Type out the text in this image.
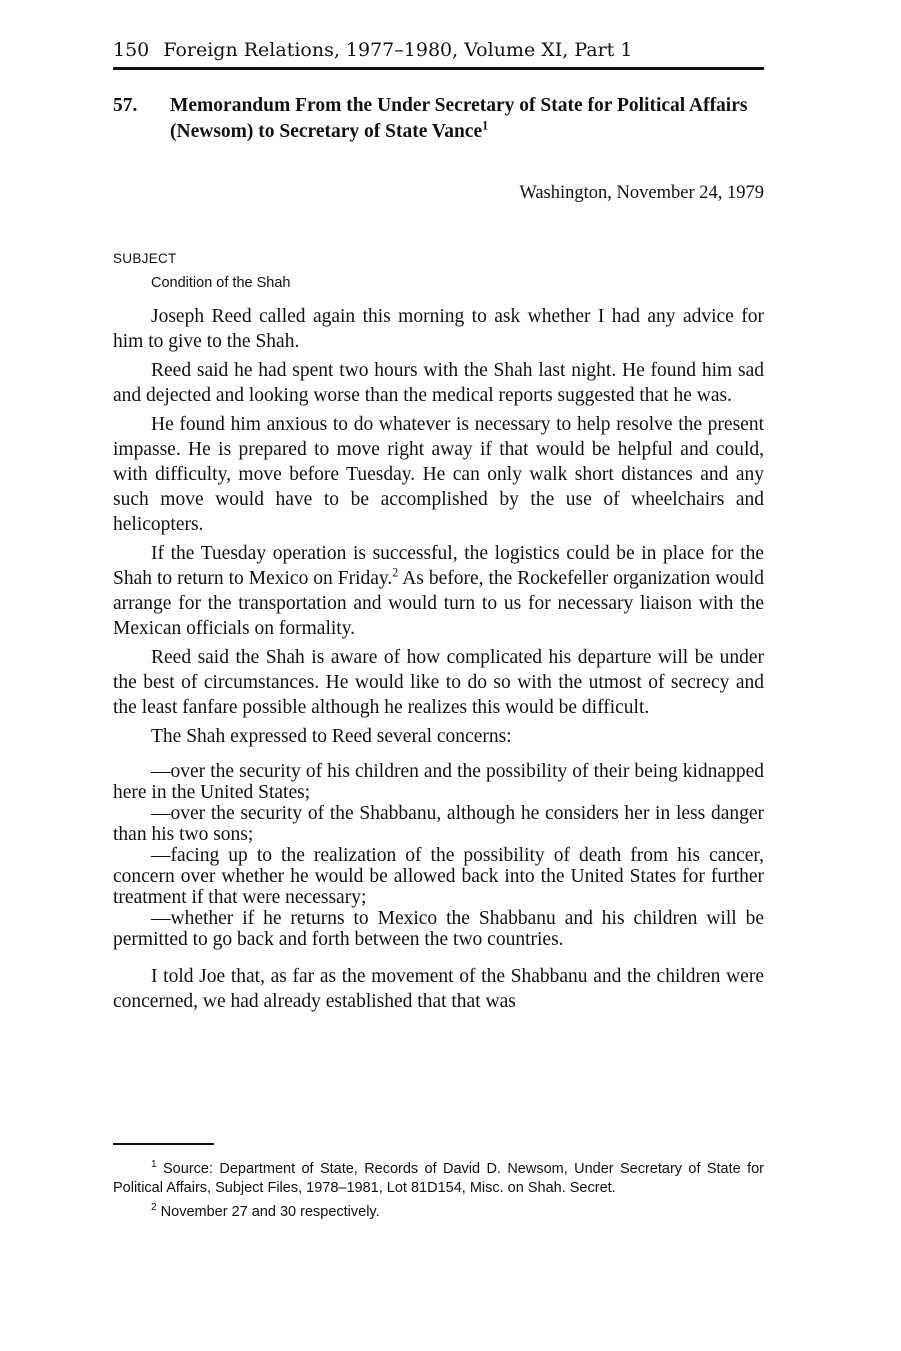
150 Foreign Relations, 1977–1980, Volume XI, Part 1
57.	Memorandum From the Under Secretary of State for Political Affairs (Newsom) to Secretary of State Vance$^1$
Washington, November 24, 1979
SUBJECT
Condition of the Shah

Joseph Reed called again this morning to ask whether I had any advice for him to give to the Shah.

Reed said he had spent two hours with the Shah last night. He found him sad and dejected and looking worse than the medical reports suggested that he was.

He found him anxious to do whatever is necessary to help resolve the present impasse. He is prepared to move right away if that would be helpful and could, with difficulty, move before Tuesday. He can only walk short distances and any such move would have to be accomplished by the use of wheelchairs and helicopters.

If the Tuesday operation is successful, the logistics could be in place for the Shah to return to Mexico on Friday.$^2$ As before, the Rockefeller organization would arrange for the transportation and would turn to us for necessary liaison with the Mexican officials on formality.

Reed said the Shah is aware of how complicated his departure will be under the best of circumstances. He would like to do so with the utmost of secrecy and the least fanfare possible although he realizes this would be difficult.

The Shah expressed to Reed several concerns:

—over the security of his children and the possibility of their being kidnapped here in the United States;

—over the security of the Shabbanu, although he considers her in less danger than his two sons;

—facing up to the realization of the possibility of death from his cancer, concern over whether he would be allowed back into the United States for further treatment if that were necessary;

—whether if he returns to Mexico the Shabbanu and his children will be permitted to go back and forth between the two countries.

I told Joe that, as far as the movement of the Shabbanu and the children were concerned, we had already established that that was

$^1$ Source: Department of State, Records of David D. Newsom, Under Secretary of State for Political Affairs, Subject Files, 1978–1981, Lot 81D154, Misc. on Shah. Secret.

$^2$ November 27 and 30 respectively.
